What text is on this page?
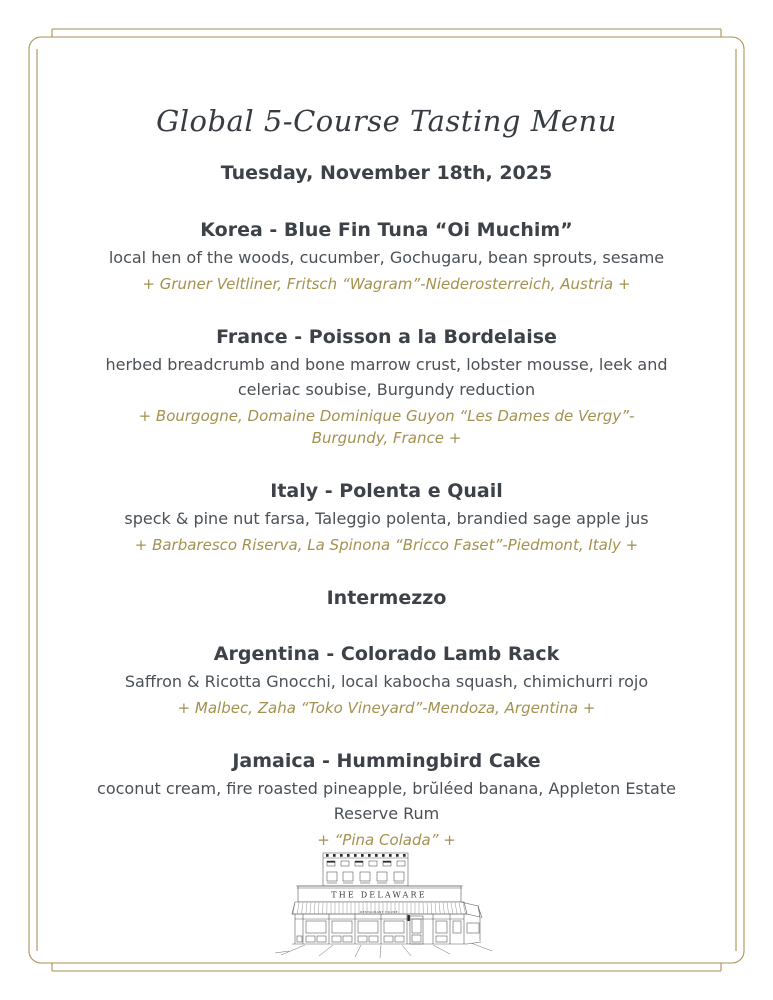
Global 5-Course Tasting Menu
Tuesday, November 18th, 2025
Korea - Blue Fin Tuna “Oi Muchim”
local hen of the woods, cucumber, Gochugaru, bean sprouts, sesame
+ Gruner Veltliner, Fritsch “Wagram”-Niederosterreich, Austria +
France - Poisson a la Bordelaise
herbed breadcrumb and bone marrow crust, lobster mousse, leek and celeriac soubise, Burgundy reduction
+ Bourgogne, Domaine Dominique Guyon “Les Dames de Vergy”-Burgundy, France +
Italy - Polenta e Quail
speck & pine nut farsa, Taleggio polenta, brandied sage apple jus
+ Barbaresco Riserva, La Spinona “Bricco Faset”-Piedmont, Italy +
Intermezzo
Argentina - Colorado Lamb Rack
Saffron & Ricotta Gnocchi, local kabocha squash, chimichurri rojo
+ Malbec, Zaha “Toko Vineyard”-Mendoza, Argentina +
Jamaica - Hummingbird Cake
coconut cream, fire roasted pineapple, brŭléed banana, Appleton Estate Reserve Rum
+ “Pina Colada” +
THE DELAWARE
RESTAURANT HOUSE
